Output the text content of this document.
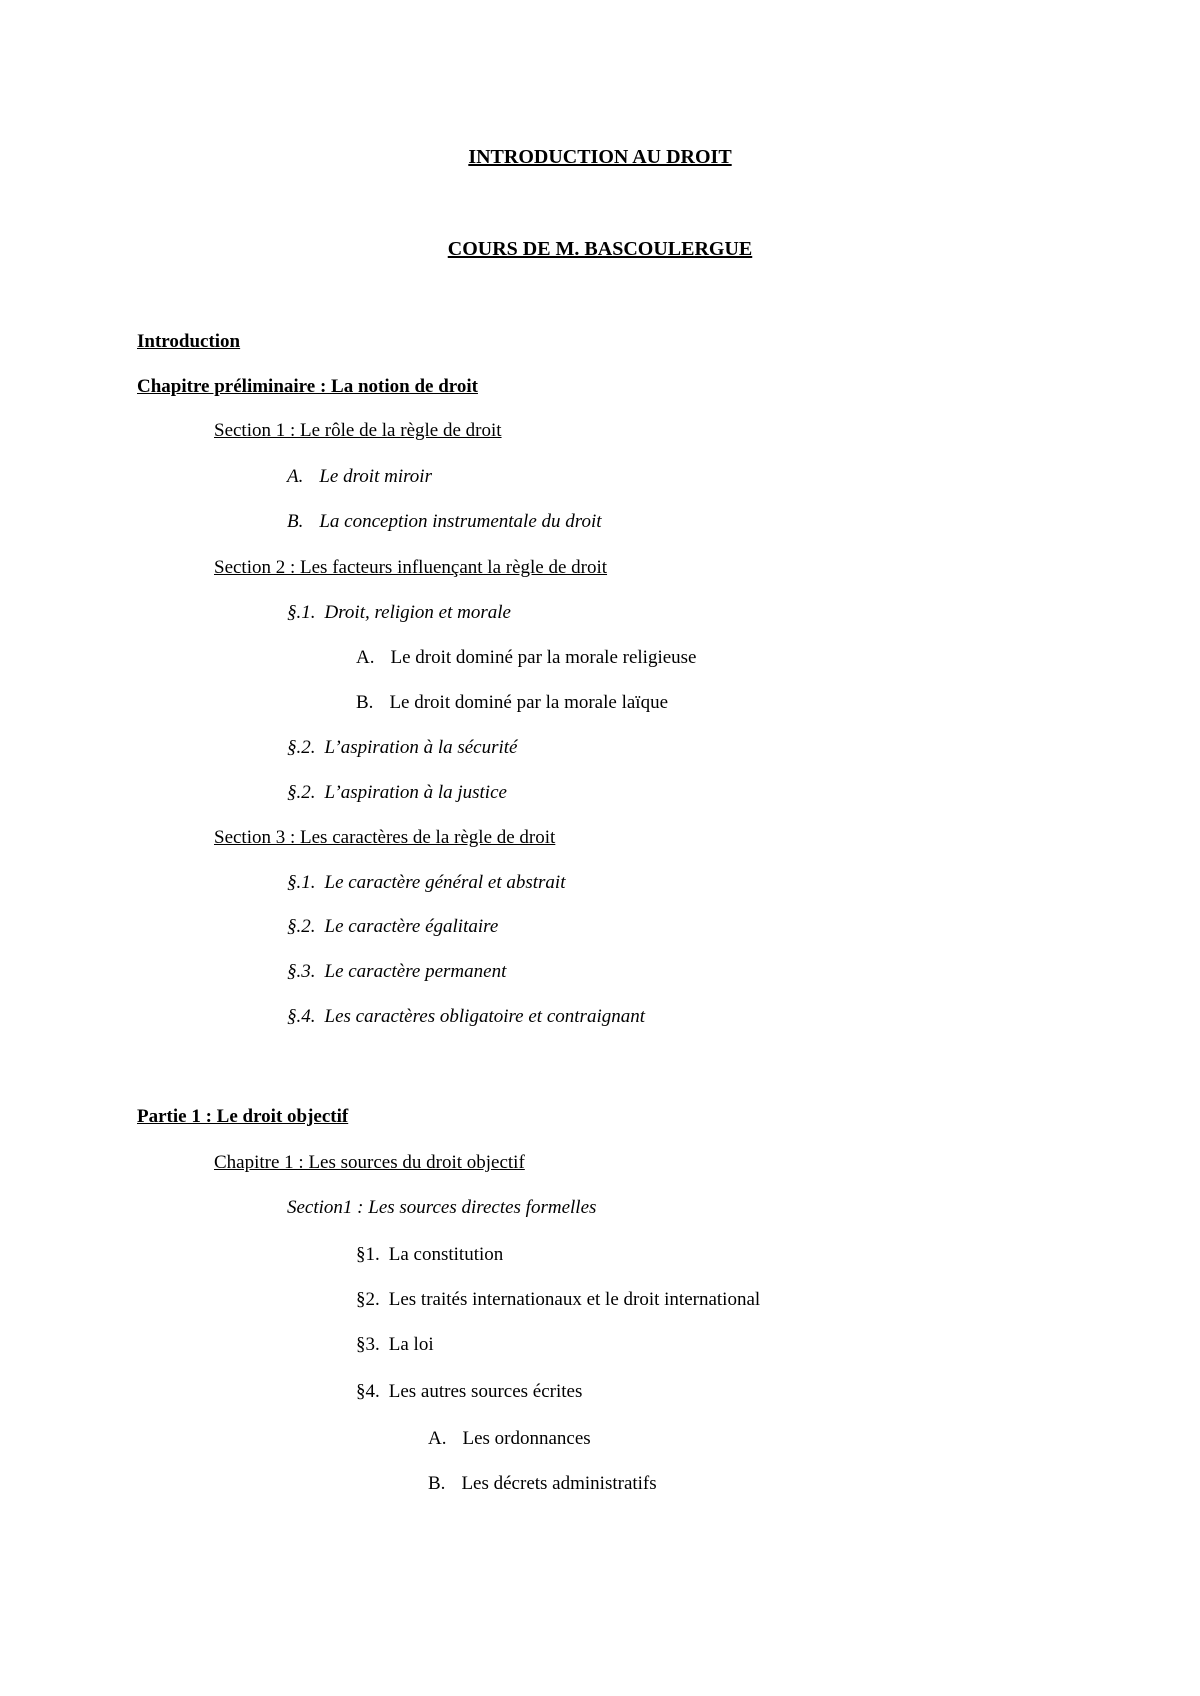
INTRODUCTION AU DROIT
COURS DE M. BASCOULERGUE
Introduction
Chapitre préliminaire : La notion de droit
Section 1 : Le rôle de la règle de droit
A. Le droit miroir
B. La conception instrumentale du droit
Section 2 : Les facteurs influençant la règle de droit
§.1. Droit, religion et morale
A. Le droit dominé par la morale religieuse
B. Le droit dominé par la morale laïque
§.2. L’aspiration à la sécurité
§.2. L’aspiration à la justice
Section 3 : Les caractères de la règle de droit
§.1. Le caractère général et abstrait
§.2. Le caractère égalitaire
§.3. Le caractère permanent
§.4. Les caractères obligatoire et contraignant
Partie 1 : Le droit objectif
Chapitre 1 : Les sources du droit objectif
Section1 : Les sources directes formelles
§1. La constitution
§2. Les traités internationaux et le droit international
§3. La loi
§4. Les autres sources écrites
A. Les ordonnances
B. Les décrets administratifs
